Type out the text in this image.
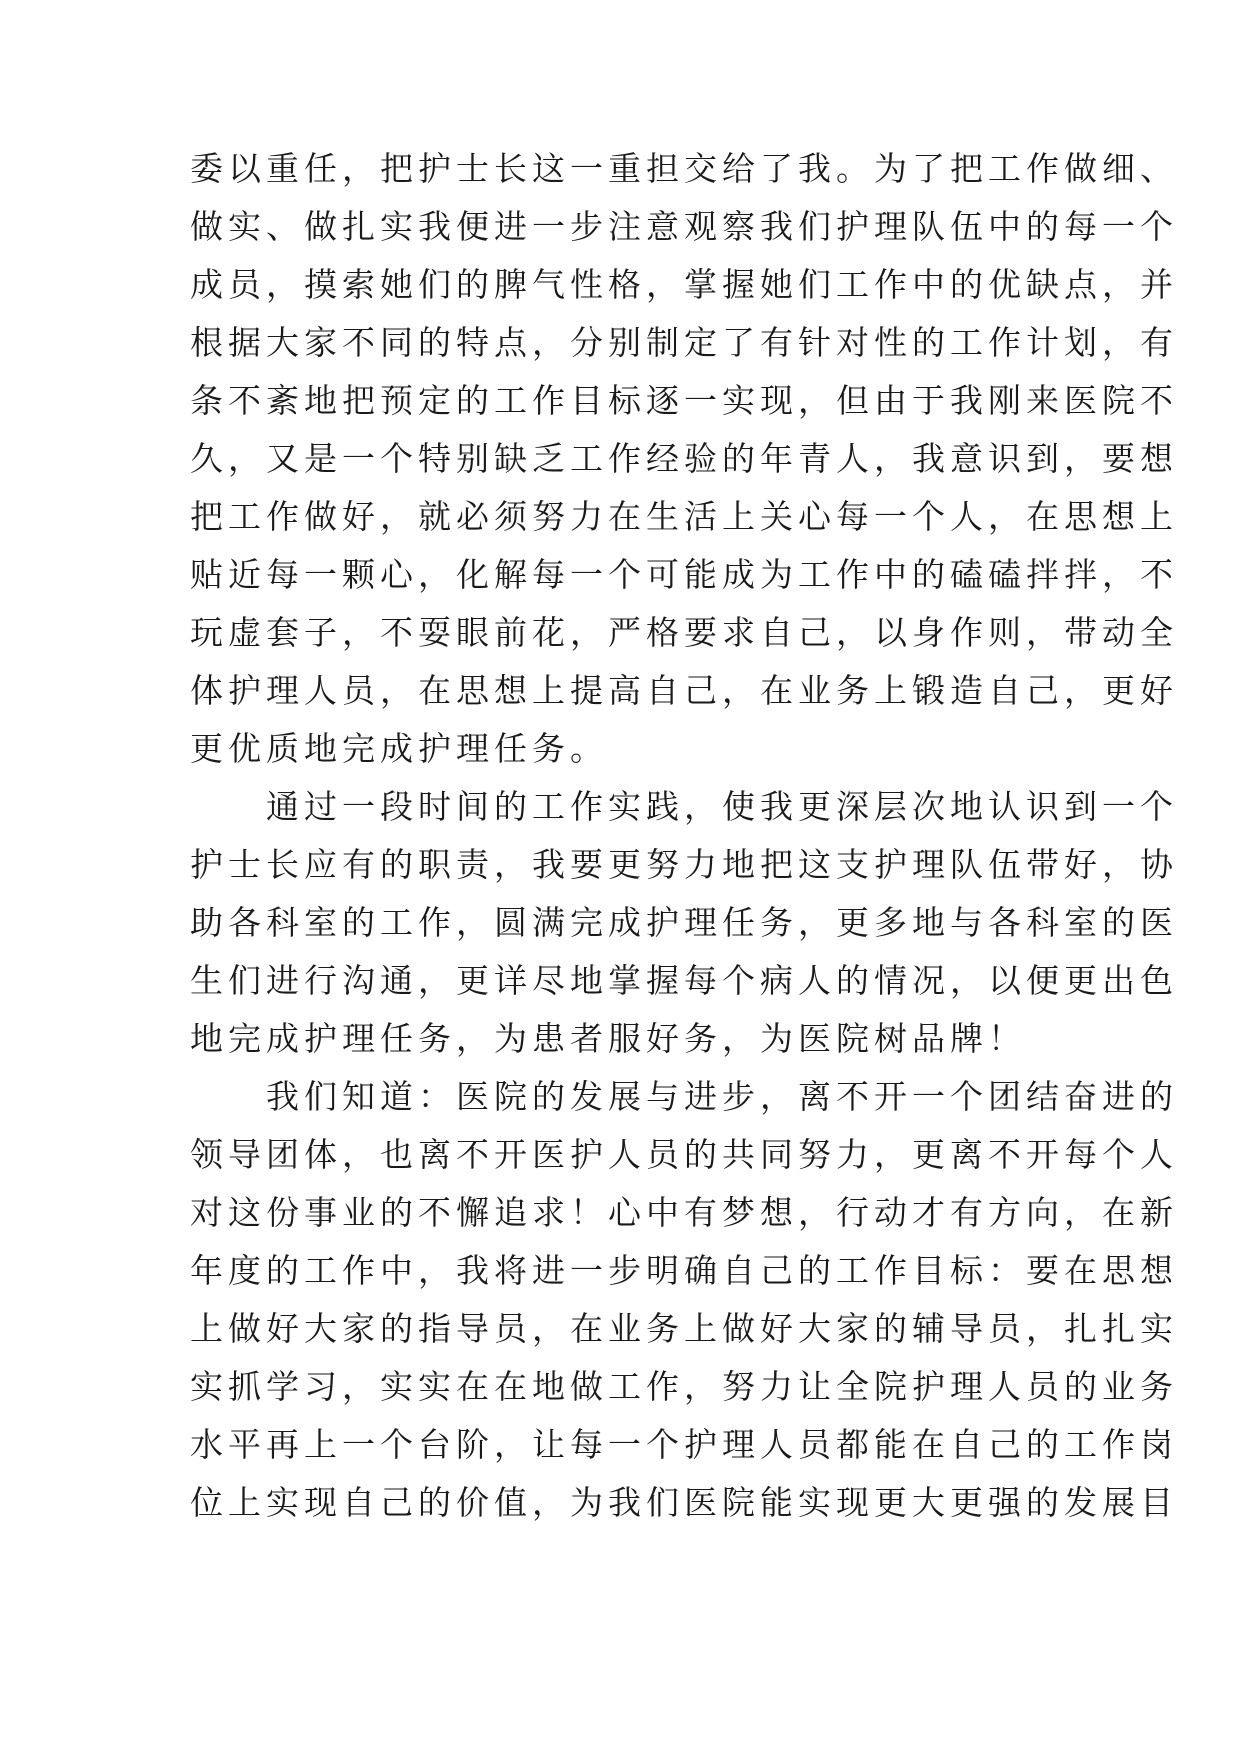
委以重任，把护士长这一重担交给了我。为了把工作做细、
做实、做扎实我便进一步注意观察我们护理队伍中的每一个
成员，摸索她们的脾气性格，掌握她们工作中的优缺点，并
根据大家不同的特点，分别制定了有针对性的工作计划，有
条不紊地把预定的工作目标逐一实现，但由于我刚来医院不
久，又是一个特别缺乏工作经验的年青人，我意识到，要想
把工作做好，就必须努力在生活上关心每一个人，在思想上
贴近每一颗心，化解每一个可能成为工作中的磕磕拌拌，不
玩虚套子，不耍眼前花，严格要求自己，以身作则，带动全
体护理人员，在思想上提高自己，在业务上锻造自己，更好
更优质地完成护理任务。
　　通过一段时间的工作实践，使我更深层次地认识到一个
护士长应有的职责，我要更努力地把这支护理队伍带好，协
助各科室的工作，圆满完成护理任务，更多地与各科室的医
生们进行沟通，更详尽地掌握每个病人的情况，以便更出色
地完成护理任务，为患者服好务，为医院树品牌！
　　我们知道：医院的发展与进步，离不开一个团结奋进的
领导团体，也离不开医护人员的共同努力，更离不开每个人
对这份事业的不懈追求！心中有梦想，行动才有方向，在新
年度的工作中，我将进一步明确自己的工作目标：要在思想
上做好大家的指导员，在业务上做好大家的辅导员，扎扎实
实抓学习，实实在在地做工作，努力让全院护理人员的业务
水平再上一个台阶，让每一个护理人员都能在自己的工作岗
位上实现自己的价值，为我们医院能实现更大更强的发展目
